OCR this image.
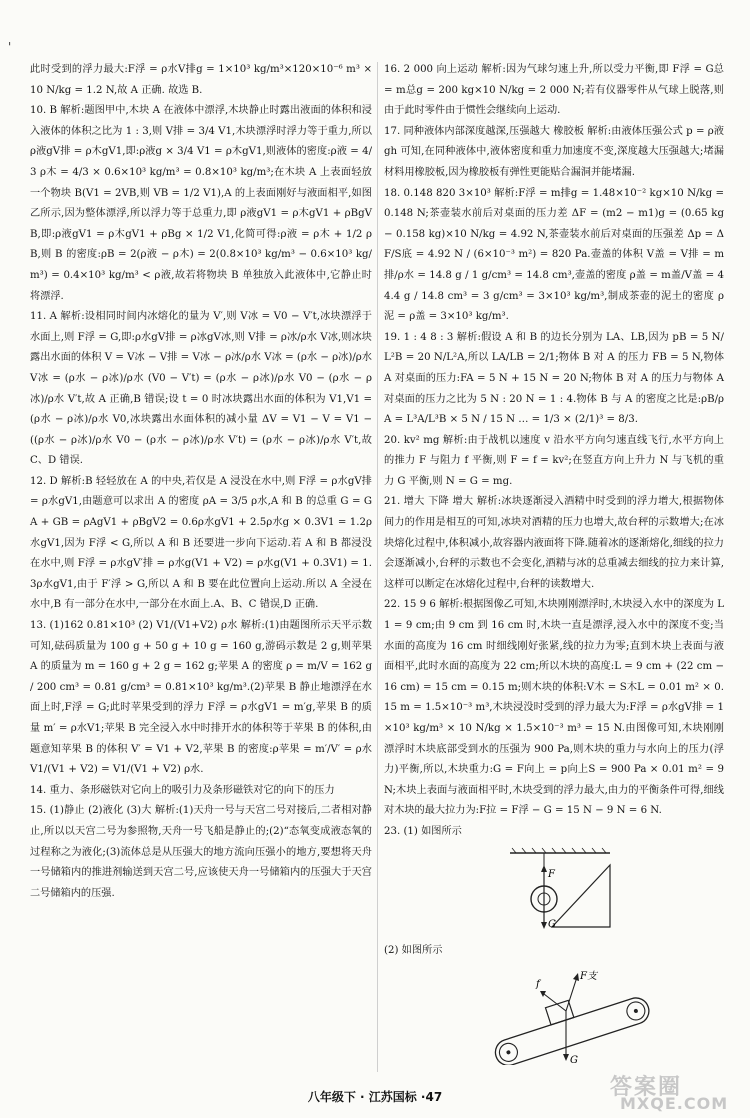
'

此时受到的浮力最大:F浮 = ρ水V排g = 1×10³ kg/m³×120×10⁻⁶ m³ × 10 N/kg = 1.2 N,故 A 正确. 故选 B.

10. B 解析:题图甲中,木块 A 在液体中漂浮,木块静止时露出液面的体积和浸入液体的体积之比为 1 : 3,则 V排 = 3/4 V1,木块漂浮时浮力等于重力,所以 ρ液gV排 = ρ木gV1,即:ρ液g × 3/4 V1 = ρ木gV1,则液体的密度:ρ液 = 4/3 ρ木 = 4/3 × 0.6×10³ kg/m³ = 0.8×10³ kg/m³;在木块 A 上表面轻放一个物块 B(V1 = 2VB,则 VB = 1/2 V1),A 的上表面刚好与液面相平,如图乙所示,因为整体漂浮,所以浮力等于总重力,即 ρ液gV1 = ρ木gV1 + ρBgVB,即:ρ液gV1 = ρ木gV1 + ρBg × 1/2 V1,化简可得:ρ液 = ρ木 + 1/2 ρB,则 B 的密度:ρB = 2(ρ液 − ρ木) = 2(0.8×10³ kg/m³ − 0.6×10³ kg/m³) = 0.4×10³ kg/m³ < ρ液,故若将物块 B 单独放入此液体中,它静止时将漂浮.

11. A 解析:设相同时间内冰熔化的量为 V′,则 V冰 = V0 − V′t,冰块漂浮于水面上,则 F浮 = G,即:ρ水gV排 = ρ冰gV冰,则 V排 = ρ冰/ρ水 V冰,则冰块露出水面的体积 V = V冰 − V排 = V冰 − ρ冰/ρ水 V冰 = (ρ水 − ρ冰)/ρ水 V冰 = (ρ水 − ρ冰)/ρ水 (V0 − V′t) = (ρ水 − ρ冰)/ρ水 V0 − (ρ水 − ρ冰)/ρ水 V′t,故 A 正确,B 错误;设 t = 0 时冰块露出水面的体积为 V1,V1 = (ρ水 − ρ冰)/ρ水 V0,冰块露出水面体积的减小量 ΔV = V1 − V = V1 − ((ρ水 − ρ冰)/ρ水 V0 − (ρ水 − ρ冰)/ρ水 V′t) = (ρ水 − ρ冰)/ρ水 V′t,故 C、D 错误.

12. D 解析:B 轻轻放在 A 的中央,若仅是 A 浸没在水中,则 F浮 = ρ水gV排 = ρ水gV1,由题意可以求出 A 的密度 ρA = 3/5 ρ水,A 和 B 的总重 G = GA + GB = ρAgV1 + ρBgV2 = 0.6ρ水gV1 + 2.5ρ水g × 0.3V1 = 1.2ρ水gV1,因为 F浮 < G,所以 A 和 B 还要进一步向下运动.若 A 和 B 都浸没在水中,则 F浮 = ρ水gV′排 = ρ水g(V1 + V2) = ρ水g(V1 + 0.3V1) = 1.3ρ水gV1,由于 F′浮 > G,所以 A 和 B 要在此位置向上运动.所以 A 全浸在水中,B 有一部分在水中,一部分在水面上.A、B、C 错误,D 正确.

13. (1)162 0.81×10³ (2) V1/(V1+V2) ρ水 解析:(1)由题图所示天平示数可知,砝码质量为 100 g + 50 g + 10 g = 160 g,游码示数是 2 g,则苹果 A 的质量为 m = 160 g + 2 g = 162 g;苹果 A 的密度 ρ = m/V = 162 g / 200 cm³ = 0.81 g/cm³ = 0.81×10³ kg/m³.(2)苹果 B 静止地漂浮在水面上时,F浮 = G;此时苹果受到的浮力 F浮 = ρ水gV1 = m′g,苹果 B 的质量 m′ = ρ水V1;苹果 B 完全浸入水中时排开水的体积等于苹果 B 的体积,由题意知苹果 B 的体积 V′ = V1 + V2,苹果 B 的密度:ρ苹果 = m′/V′ = ρ水V1/(V1 + V2) = V1/(V1 + V2) ρ水.

14. 重力、条形磁铁对它向上的吸引力及条形磁铁对它的向下的压力

15. (1)静止 (2)液化 (3)大 解析:(1)天舟一号与天宫二号对接后,二者相对静止,所以以天宫二号为参照物,天舟一号飞船是静止的;(2)“态氧变成液态氧的过程称之为液化;(3)流体总是从压强大的地方流向压强小的地方,要想将天舟一号储箱内的推进剂输送到天宫二号,应该使天舟一号储箱内的压强大于天宫二号储箱内的压强.

16. 2 000 向上运动 解析:因为气球匀速上升,所以受力平衡,即 F浮 = G总 = m总g = 200 kg×10 N/kg = 2 000 N;若有仪器零件从气球上脱落,则由于此时零件由于惯性会继续向上运动.

17. 同种液体内部深度越深,压强越大 橡胶板 解析:由液体压强公式 p = ρ液gh 可知,在同种液体中,液体密度和重力加速度不变,深度越大压强越大;堵漏材料用橡胶板,因为橡胶板有弹性更能贴合漏洞并能堵漏.

18. 0.148 820 3×10³ 解析:F浮 = m排g = 1.48×10⁻² kg×10 N/kg = 0.148 N;茶壶装水前后对桌面的压力差 ΔF = (m2 − m1)g = (0.65 kg − 0.158 kg)×10 N/kg = 4.92 N,茶壶装水前后对桌面的压强差 Δp = ΔF/S底 = 4.92 N / (6×10⁻³ m²) = 820 Pa.壶盖的体积 V盖 = V排 = m排/ρ水 = 14.8 g / 1 g/cm³ = 14.8 cm³,壶盖的密度 ρ盖 = m盖/V盖 = 44.4 g / 14.8 cm³ = 3 g/cm³ = 3×10³ kg/m³,制成茶壶的泥土的密度 ρ泥 = ρ盖 = 3×10³ kg/m³.

19. 1 : 4 8 : 3 解析:假设 A 和 B 的边长分别为 LA、LB,因为 pB = 5 N/L²B = 20 N/L²A,所以 LA/LB = 2/1;物体 B 对 A 的压力 FB = 5 N,物体 A 对桌面的压力:FA = 5 N + 15 N = 20 N;物体 B 对 A 的压力与物体 A 对桌面的压力之比为 5 N : 20 N = 1 : 4.物体 B 与 A 的密度之比是:ρB/ρA = L³A/L³B × 5 N / 15 N … = 1/3 × (2/1)³ = 8/3.

20. kv² mg 解析:由于战机以速度 v 沿水平方向匀速直线飞行,水平方向上的推力 F 与阻力 f 平衡,则 F = f = kv²;在竖直方向上升力 N 与飞机的重力 G 平衡,则 N = G = mg.

21. 增大 下降 增大 解析:冰块逐渐浸入酒精中时受到的浮力增大,根据物体间力的作用是相互的可知,冰块对酒精的压力也增大,故台秤的示数增大;在冰块熔化过程中,体积减小,故容器内液面将下降.随着冰的逐渐熔化,细线的拉力会逐渐减小,台秤的示数也不会变化,酒精与冰的总重减去细线的拉力来计算,这样可以断定在冰熔化过程中,台秤的读数增大.

22. 15 9 6 解析:根据图像乙可知,木块刚刚漂浮时,木块浸入水中的深度为 L1 = 9 cm;由 9 cm 到 16 cm 时,木块一直是漂浮,浸入水中的深度不变;当水面的高度为 16 cm 时细线刚好张紧,线的拉力为零;直到木块上表面与液面相平,此时水面的高度为 22 cm;所以木块的高度:L = 9 cm + (22 cm − 16 cm) = 15 cm = 0.15 m;则木块的体积:V木 = S木L = 0.01 m² × 0.15 m = 1.5×10⁻³ m³,木块浸没时受到的浮力最大为:F浮 = ρ水gV排 = 1×10³ kg/m³ × 10 N/kg × 1.5×10⁻³ m³ = 15 N.由图像可知,木块刚刚漂浮时木块底部受到水的压强为 900 Pa,则木块的重力与水向上的压力(浮力)平衡,所以,木块重力:G = F向上 = p向上S = 900 Pa × 0.01 m² = 9 N;木块上表面与液面相平时,木块受到的浮力最大,由力的平衡条件可得,细线对木块的最大拉力为:F拉 = F浮 − G = 15 N − 9 N = 6 N.

23. (1) 如图所示

F
G

(2) 如图所示

F支
f
G
八年级下 · 江苏国标 ·47	答案圈
MXQE.COM
